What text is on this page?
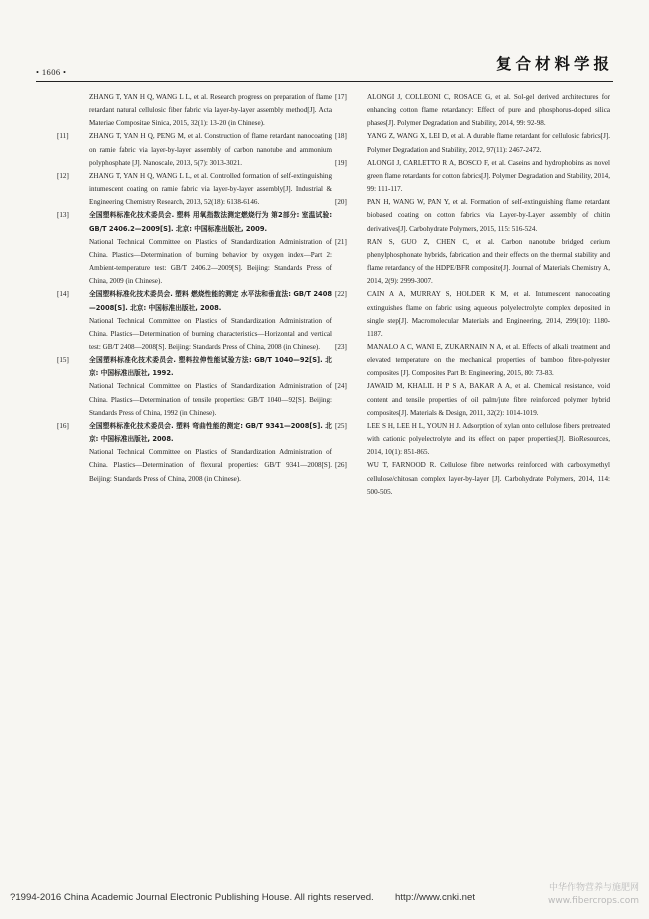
• 1606 •	复合材料学报
ZHANG T, YAN H Q, WANG L L, et al. Research progress on preparation of flame retardant natural cellulosic fiber fabric via layer-by-layer assembly method[J]. Acta Materiae Compositae Sinica, 2015, 32(1): 13-20 (in Chinese).
[11]	ZHANG T, YAN H Q, PENG M, et al. Construction of flame retardant nanocoating on ramie fabric via layer-by-layer assembly of carbon nanotube and ammonium polyphosphate [J]. Nanoscale, 2013, 5(7): 3013-3021.
[12]	ZHANG T, YAN H Q, WANG L L, et al. Controlled formation of self-extinguishing intumescent coating on ramie fabric via layer-by-layer assembly[J]. Industrial & Engineering Chemistry Research, 2013, 52(18): 6138-6146.
[13]	全国塑料标准化技术委员会. 塑料 用氧指数法测定燃烧行为 第2部分: 室温试验: GB/T 2406.2—2009[S]. 北京: 中国标准出版社, 2009.
National Technical Committee on Plastics of Standardization Administration of China. Plastics—Determination of burning behavior by oxygen index—Part 2: Ambient-temperature test: GB/T 2406.2—2009[S]. Beijing: Standards Press of China, 2009 (in Chinese).
[14]	全国塑料标准化技术委员会. 塑料 燃烧性能的测定 水平法和垂直法: GB/T 2408—2008[S]. 北京: 中国标准出版社, 2008.
National Technical Committee on Plastics of Standardization Administration of China. Plastics—Determination of burning characteristics—Horizontal and vertical test: GB/T 2408—2008[S]. Beijing: Standards Press of China, 2008 (in Chinese).
[15]	全国塑料标准化技术委员会. 塑料拉伸性能试验方法: GB/T 1040—92[S]. 北京: 中国标准出版社, 1992.
National Technical Committee on Plastics of Standardization Administration of China. Plastics—Determination of tensile properties: GB/T 1040—92[S]. Beijing: Standards Press of China, 1992 (in Chinese).
[16]	全国塑料标准化技术委员会. 塑料 弯曲性能的测定: GB/T 9341—2008[S]. 北京: 中国标准出版社, 2008.
National Technical Committee on Plastics of Standardization Administration of China. Plastics—Determination of flexural properties: GB/T 9341—2008[S]. Beijing: Standards Press of China, 2008 (in Chinese).
[17]	ALONGI J, COLLEONI C, ROSACE G, et al. Sol-gel derived architectures for enhancing cotton flame retardancy: Effect of pure and phosphorus-doped silica phases[J]. Polymer Degradation and Stability, 2014, 99: 92-98.
[18]	YANG Z, WANG X, LEI D, et al. A durable flame retardant for cellulosic fabrics[J]. Polymer Degradation and Stability, 2012, 97(11): 2467-2472.
[19]	ALONGI J, CARLETTO R A, BOSCO F, et al. Caseins and hydrophobins as novel green flame retardants for cotton fabrics[J]. Polymer Degradation and Stability, 2014, 99: 111-117.
[20]	PAN H, WANG W, PAN Y, et al. Formation of self-extinguishing flame retardant biobased coating on cotton fabrics via Layer-by-Layer assembly of chitin derivatives[J]. Carbohydrate Polymers, 2015, 115: 516-524.
[21]	RAN S, GUO Z, CHEN C, et al. Carbon nanotube bridged cerium phenylphosphonate hybrids, fabrication and their effects on the thermal stability and flame retardancy of the HDPE/BFR composite[J]. Journal of Materials Chemistry A, 2014, 2(9): 2999-3007.
[22]	CAIN A A, MURRAY S, HOLDER K M, et al. Intumescent nanocoating extinguishes flame on fabric using aqueous polyelectrolyte complex deposited in single step[J]. Macromolecular Materials and Engineering, 2014, 299(10): 1180-1187.
[23]	MANALO A C, WANI E, ZUKARNAIN N A, et al. Effects of alkali treatment and elevated temperature on the mechanical properties of bamboo fibre-polyester composites [J]. Composites Part B: Engineering, 2015, 80: 73-83.
[24]	JAWAID M, KHALIL H P S A, BAKAR A A, et al. Chemical resistance, void content and tensile properties of oil palm/jute fibre reinforced polymer hybrid composites[J]. Materials & Design, 2011, 32(2): 1014-1019.
[25]	LEE S H, LEE H L, YOUN H J. Adsorption of xylan onto cellulose fibers pretreated with cationic polyelectrolyte and its effect on paper properties[J]. BioResources, 2014, 10(1): 851-865.
[26]	WU T, FARNOOD R. Cellulose fibre networks reinforced with carboxymethyl cellulose/chitosan complex layer-by-layer [J]. Carbohydrate Polymers, 2014, 114: 500-505.
?1994-2016 China Academic Journal Electronic Publishing House. All rights reserved. http://www.cnki.net
中华作物营养与施肥网
www.fibercrops.com
